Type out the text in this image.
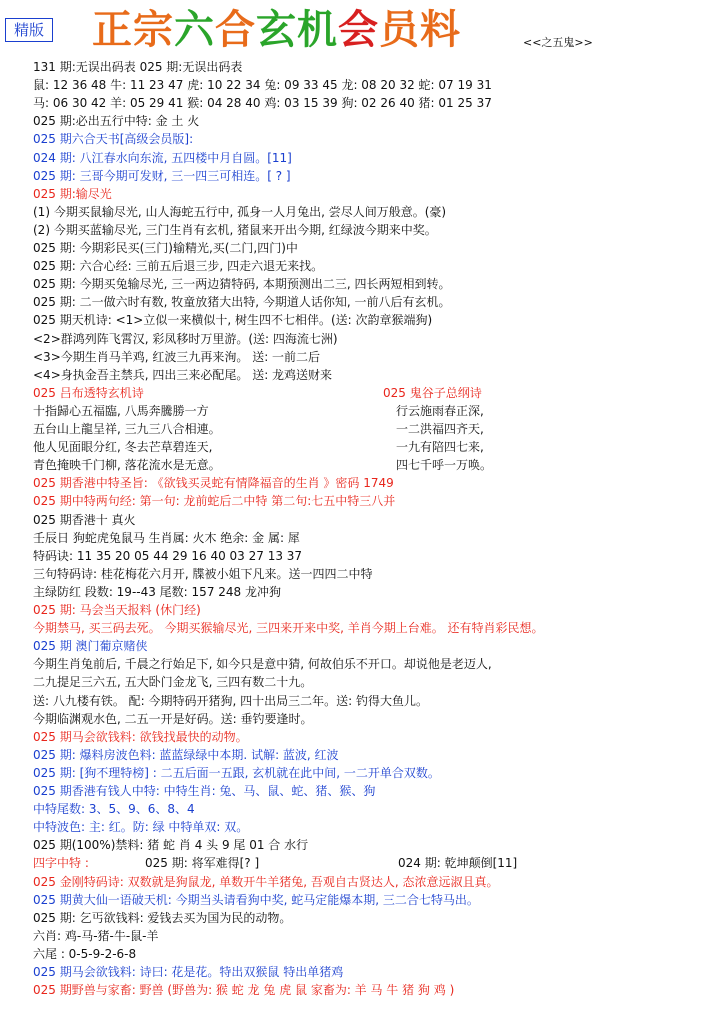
精版 正宗六合玄机会员料	<<之五鬼>>
131 期:无误出码表 025 期:无误出码表
鼠: 12 36 48 牛: 11 23 47 虎: 10 22 34 兔: 09 33 45 龙: 08 20 32 蛇: 07 19 31
马: 06 30 42 羊: 05 29 41 猴: 04 28 40 鸡: 03 15 39 狗: 02 26 40 猪: 01 25 37
025 期:必出五行中特: 金 土 火
025 期六合天书[高级会员版]:
024 期: 八江春水向东流, 五四楼中月自圆。[11]
025 期: 三哥今期可发财, 三一四三可相连。[ ? ]
025 期:输尽光
(1) 今期买鼠输尽光, 山人海蛇五行中, 孤身一人月兔出, 尝尽人间万般意。(豪)
(2) 今期买蓝输尽光, 三门生肖有玄机, 猪鼠来开出今期, 红绿波今期来中奖。
025 期: 今期彩民买(三门)输精光,买(二门,四门)中
025 期: 六合心经: 三前五后退三步, 四走六退无来找。
025 期: 今期买兔输尽光, 三一两边猜特码, 本期预测出二三, 四长两短相到转。
025 期: 二一做六时有数, 牧童放猪大出特, 今期道人话你知, 一前八后有玄机。
025 期天机诗: <1>立似一来横似十, 树生四不七相伴。(送: 次韵章猴端狗)
<2>群鸿列阵飞霄汉, 彩凤移时万里游。(送: 四海流七洲)
<3>今期生肖马羊鸡, 红波三九再来洵。 送: 一前二后
<4>身执金吾主禁兵, 四出三来必配尾。 送: 龙鸡送财来
025 吕布透特玄机诗	025 鬼谷子总纲诗
十指歸心五福臨, 八馬奔騰勝一方	行云施雨春正深,
五台山上龍呈祥, 三九三八合相連。	一二洪福四齐天,
他人见面眼分红, 冬去芒草碧连天,	一九有陪四七来,
青色掩映千门柳, 落花流水是无意。	四七千呼一万唤。
025 期香港中特圣旨: 《欲钱买灵蛇有情降福音的生肖 》密码 1749
025 期中特两句经: 第一句: 龙前蛇后二中特 第二句:七五中特三八并
025 期香港十 真火
壬辰日 狗蛇虎兔鼠马 生肖属: 火木 绝余: 金 属: 犀
特码诀: 11 35 20 05 44 29 16 40 03 27 13 37
三句特码诗: 桂花梅花六月开, 牒被小姐下凡来。送一四四二中特
主绿防红 段数: 19--43 尾数: 157 248 龙冲狗
025 期: 马会当天报料 (休门经)
今期禁马, 买三码去死。 今期买猴输尽光, 三四来开来中奖, 羊肖今期上台难。 还有特肖彩民想。
025 期 澳门葡京赌侠
今期生肖兔前后, 千晨之行始足下, 如今只是意中猜, 何故伯乐不开口。却说他是老迈人,
二九提足三六五, 五大卧门金龙飞, 三四有数二十九。
送: 八九楼有铁。 配: 今期特码开猪狗, 四十出局三二年。送: 钓得大鱼儿。
今期临渊观水色, 二五一开是好码。送: 垂钓要逢时。
025 期马会欲钱料: 欲钱找最快的动物。
025 期: 爆料房波色料: 蓝蓝绿绿中本期. 试解: 蓝波, 红波
025 期: [狗不理特榜] : 二五后面一五跟, 玄机就在此中间, 一二开单合双数。
025 期香港有钱人中特: 中特生肖: 兔、马、鼠、蛇、猪、猴、狗
中特尾数: 3、5、9、6、8、4
中特波色: 主: 红。防: 绿 中特单双: 双。
025 期(100%)禁料: 猪 蛇 肖 4 头 9 尾 01 合 水行
四字中特 :	025 期: 将军难得[? ]	024 期: 乾坤颠倒[11]
025 金刚特码诗: 双数就是狗鼠龙, 单数开牛羊猪兔, 吾观自古贤达人, 态浓意远淑且真。
025 期黄大仙一语破天机: 今期当头请看狗中奖, 蛇马定能爆本期, 三二合七特马出。
025 期: 乞丐欲钱料: 爱钱去买为国为民的动物。
六肖: 鸡-马-猪-牛-鼠-羊
六尾 : 0-5-9-2-6-8
025 期马会欲钱料: 诗曰: 花是花。特出双猴鼠 特出单猪鸡
025 期野兽与家畜: 野兽 (野兽为: 猴 蛇 龙 兔 虎 鼠 家畜为: 羊 马 牛 猪 狗 鸡 )
